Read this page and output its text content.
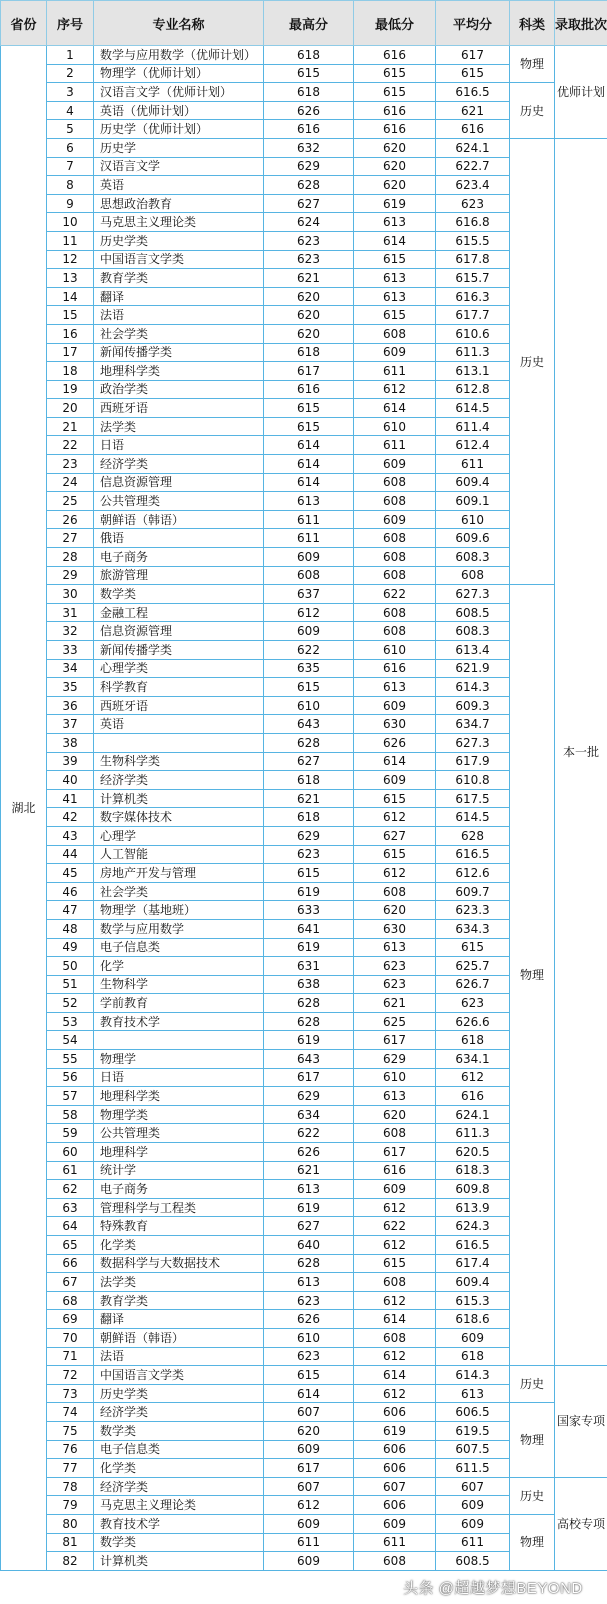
省份	序号	专业名称	最高分	最低分	平均分	科类	录取批次
湖北	1	数学与应用数学（优师计划）	618	616	617	物理	优师计划
	2	物理学（优师计划）	615	615	615		
	3	汉语言文学（优师计划）	618	615	616.5	历史	
	4	英语（优师计划）	626	616	621		
	5	历史学（优师计划）	616	616	616		
	6	历史学	632	620	624.1	历史	本一批
	7	汉语言文学	629	620	622.7		
	8	英语	628	620	623.4		
	9	思想政治教育	627	619	623		
	10	马克思主义理论类	624	613	616.8		
	11	历史学类	623	614	615.5		
	12	中国语言文学类	623	615	617.8		
	13	教育学类	621	613	615.7		
	14	翻译	620	613	616.3		
	15	法语	620	615	617.7		
	16	社会学类	620	608	610.6		
	17	新闻传播学类	618	609	611.3		
	18	地理科学类	617	611	613.1		
	19	政治学类	616	612	612.8		
	20	西班牙语	615	614	614.5		
	21	法学类	615	610	611.4		
	22	日语	614	611	612.4		
	23	经济学类	614	609	611		
	24	信息资源管理	614	608	609.4		
	25	公共管理类	613	608	609.1		
	26	朝鲜语（韩语）	611	609	610		
	27	俄语	611	608	609.6		
	28	电子商务	609	608	608.3		
	29	旅游管理	608	608	608		
	30	数学类	637	622	627.3	物理	
	31	金融工程	612	608	608.5		
	32	信息资源管理	609	608	608.3		
	33	新闻传播学类	622	610	613.4		
	34	心理学类	635	616	621.9		
	35	科学教育	615	613	614.3		
	36	西班牙语	610	609	609.3		
	37	英语	643	630	634.7		
	38		628	626	627.3		
	39	生物科学类	627	614	617.9		
	40	经济学类	618	609	610.8		
	41	计算机类	621	615	617.5		
	42	数字媒体技术	618	612	614.5		
	43	心理学	629	627	628		
	44	人工智能	623	615	616.5		
	45	房地产开发与管理	615	612	612.6		
	46	社会学类	619	608	609.7		
	47	物理学（基地班）	633	620	623.3		
	48	数学与应用数学	641	630	634.3		
	49	电子信息类	619	613	615		
	50	化学	631	623	625.7		
	51	生物科学	638	623	626.7		
	52	学前教育	628	621	623		
	53	教育技术学	628	625	626.6		
	54		619	617	618		
	55	物理学	643	629	634.1		
	56	日语	617	610	612		
	57	地理科学类	629	613	616		
	58	物理学类	634	620	624.1		
	59	公共管理类	622	608	611.3		
	60	地理科学	626	617	620.5		
	61	统计学	621	616	618.3		
	62	电子商务	613	609	609.8		
	63	管理科学与工程类	619	612	613.9		
	64	特殊教育	627	622	624.3		
	65	化学类	640	612	616.5		
	66	数据科学与大数据技术	628	615	617.4		
	67	法学类	613	608	609.4		
	68	教育学类	623	612	615.3		
	69	翻译	626	614	618.6		
	70	朝鲜语（韩语）	610	608	609		
	71	法语	623	612	618		
	72	中国语言文学类	615	614	614.3	历史	国家专项
	73	历史学类	614	612	613		
	74	经济学类	607	606	606.5	物理	
	75	数学类	620	619	619.5		
	76	电子信息类	609	606	607.5		
	77	化学类	617	606	611.5		
	78	经济学类	607	607	607	历史	高校专项
	79	马克思主义理论类	612	606	609		
	80	教育技术学	609	609	609	物理	
	81	数学类	611	611	611		
	82	计算机类	609	608	608.5		
头条 @超越梦想BEYOND
